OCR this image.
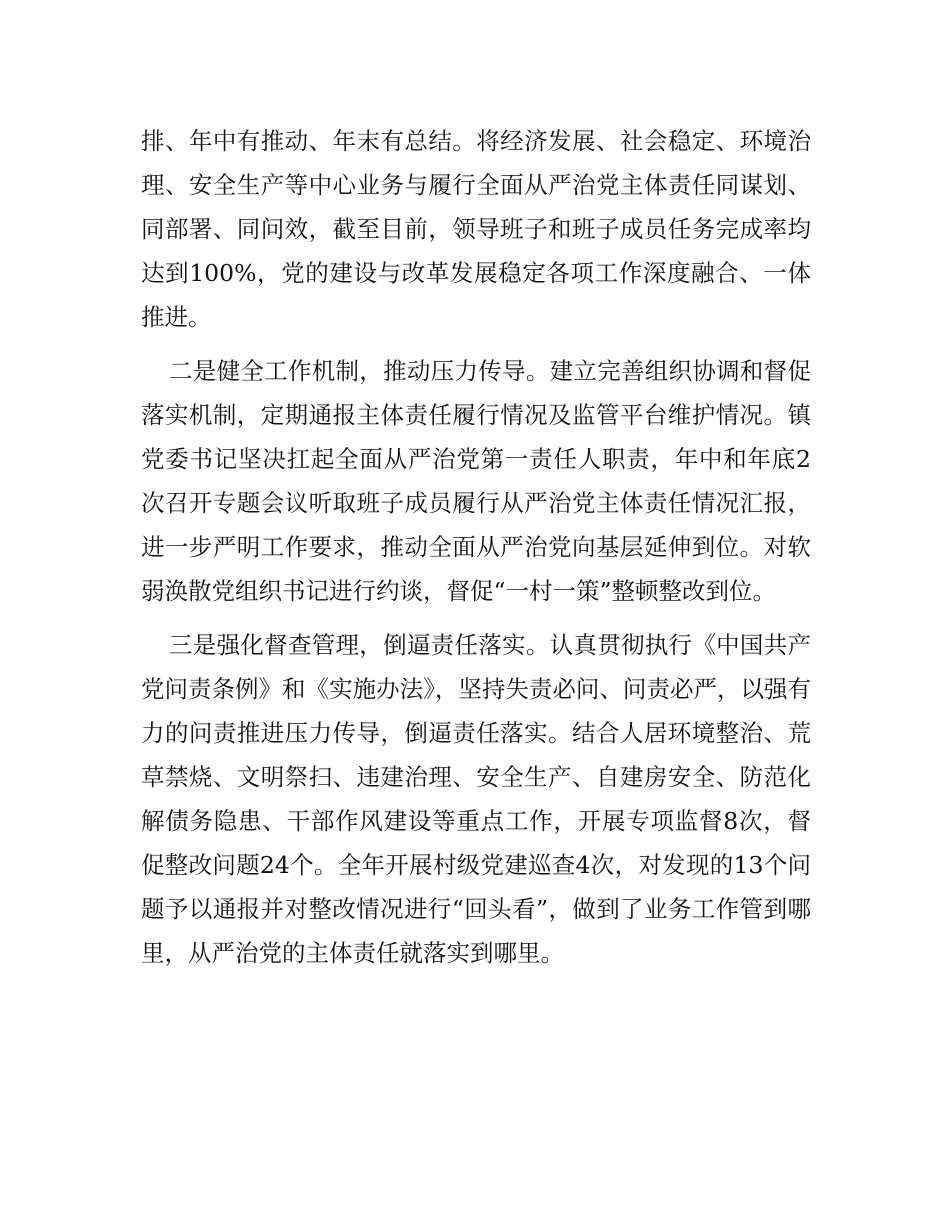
排、年中有推动、年末有总结。将经济发展、社会稳定、环境治理、安全生产等中心业务与履行全面从严治党主体责任同谋划、同部署、同问效，截至目前，领导班子和班子成员任务完成率均达到100%，党的建设与改革发展稳定各项工作深度融合、一体推进。

二是健全工作机制，推动压力传导。建立完善组织协调和督促落实机制，定期通报主体责任履行情况及监管平台维护情况。镇党委书记坚决扛起全面从严治党第一责任人职责，年中和年底2次召开专题会议听取班子成员履行从严治党主体责任情况汇报，进一步严明工作要求，推动全面从严治党向基层延伸到位。对软弱涣散党组织书记进行约谈，督促“一村一策”整顿整改到位。

三是强化督查管理，倒逼责任落实。认真贯彻执行《中国共产党问责条例》和《实施办法》，坚持失责必问、问责必严，以强有力的问责推进压力传导，倒逼责任落实。结合人居环境整治、荒草禁烧、文明祭扫、违建治理、安全生产、自建房安全、防范化解债务隐患、干部作风建设等重点工作，开展专项监督8次，督促整改问题24个。全年开展村级党建巡查4次，对发现的13个问题予以通报并对整改情况进行“回头看”，做到了业务工作管到哪里，从严治党的主体责任就落实到哪里。
